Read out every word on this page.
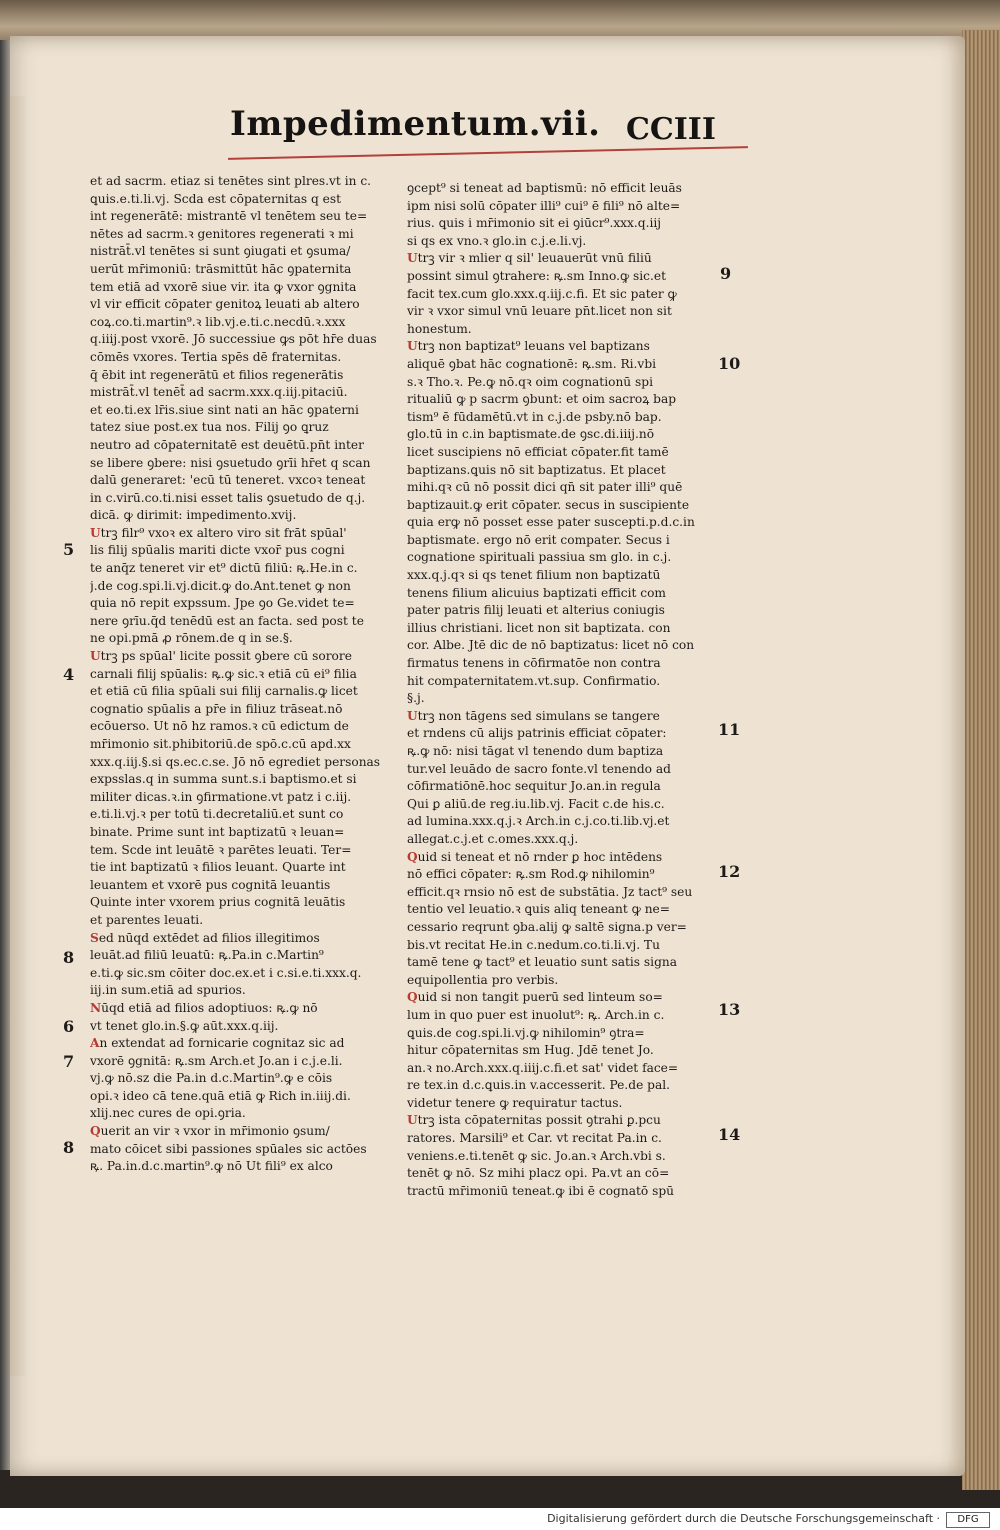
Impedimentum.vii. CCIII
et ad sacrm. etiaz si tenētes sint plres.vt in c.
ꝗuis.e.ti.li.vj. Scda est cōpaternitas q est
int regenerātē: mistrantē vl tenētem seu te=
nētes ad sacrm.ꝛ genitores regenerati ꝛ mi
nistrāt̄.vl tenētes si sunt ꝯiugati et ꝯsuma/
uerūt mr̄imoniū: trāsmittūt hāc ꝯpaternita
tem etiā ad vxorē siue vir. ita ꝙ vxor ꝯgnita
vl vir efficit cōpater genitoꝝ leuati ab altero
coꝝ.co.ti.martin⁹.ꝛ lib.vj.e.ti.c.necdū.ꝛ.xxx
q.iiij.post vxorē. Jō successiue ꝙs pōt hr̄e duas
cōmēs vxores. Tertia spēs dē fraternitas.
q̄ ēbit int regenerātū et filios regenerātis
mistrāt̄.vl tenēt̄ ad sacrm.xxx.q.iij.pitaciū.
et eo.ti.ex lr̄is.siue sint nati an hāc ꝯpaterni
tatez siue post.ex tua nos. Filij ꝯo ꝗruz
neutro ad cōpaternitatē est deuētū.pn̄t inter
se libere ꝯbere: nisi ꝯsuetudo ꝯrīi hr̄et q scan
dalū generaret: 'ecū tū teneret. vxcoꝛ teneat
in c.virū.co.ti.nisi esset talis ꝯsuetudo de q.j.
dicā. ꝙ dirimit: impedimento.xvij.
Utrꝫ filr⁹ vxoꝛ ex altero viro sit frāt spūal'
lis filij spūalis mariti dicte vxor̄ pus cogni
te anq̄z teneret vir et⁹ dictū filiū: ꝶ.He.in c.
j.de cog.spi.li.vj.dicit.ꝙ do.Ant.tenet ꝙ non
quia nō repit expssum. Jpe ꝯo Ge.videt te=
nere ꝯrīu.q̄d tenēdū est an facta. sed post te
ne opi.pmā ꝓ rōnem.de q in se.§.
Utrꝫ ps spūal' licite possit ꝯbere cū sorore
carnali filij spūalis: ꝶ.ꝙ sic.ꝛ etiā cū ei⁹ filia
et etiā cū filia spūali sui filij carnalis.ꝙ licet
cognatio spūalis a pr̄e in filiuz trāseat.nō
ecōuerso. Ut nō hz ramos.ꝛ cū edictum de
mr̄imonio sit.phibitoriū.de spō.c.cū apd.xx
xxx.q.iij.§.si qs.ec.c.se. Jō nō egrediet personas
expsslas.q in summa sunt.s.i baptismo.et si
militer dicas.ꝛ.in ꝯfirmatione.vt patz i c.iij.
e.ti.li.vj.ꝛ per totū ti.decretaliū.et sunt co
binate. Prime sunt int baptizatū ꝛ leuan=
tem. Scde int leuātē ꝛ parētes leuati. Ter=
tie int baptizatū ꝛ filios leuant. Quarte int
leuantem et vxorē pus cognitā leuantis
Quinte inter vxorem prius cognitā leuātis
et parentes leuati.
Sed nūqd extēdet ad filios illegitimos
leuāt.ad filiū leuatū: ꝶ.Pa.in c.Martin⁹
e.ti.ꝙ sic.sm cōiter doc.ex.et i c.si.e.ti.xxx.q.
iij.in sum.etiā ad spurios.
Nūqd etiā ad filios adoptiuos: ꝶ.ꝙ nō
vt tenet glo.in.§.ꝙ aūt.xxx.q.iij.
An extendat ad fornicarie cognitaz sic ad
vxorē ꝯgnitā: ꝶ.sm Arch.et Jo.an i c.j.e.li.
vj.ꝙ nō.sz die Pa.in d.c.Martin⁹.ꝙ e cōis
opi.ꝛ ideo cā tene.quā etiā ꝙ Rich in.iiij.di.
xlij.nec cures de opi.ꝯria.
Querit an vir ꝛ vxor in mr̄imonio ꝯsum/
mato cōicet sibi passiones spūales sic actōes
ꝶ. Pa.in.d.c.martin⁹.ꝙ nō Ut fili⁹ ex alco
ꝯcept⁹ si teneat ad baptismū: nō efficit leuās
ipm nisi solū cōpater illi⁹ cui⁹ ē fili⁹ nō alte=
rius. ꝗuis i mr̄imonio sit ei ꝯiūcr⁹.xxx.q.iij
si qs ex vno.ꝛ glo.in c.j.e.li.vj.
Utrꝫ vir ꝛ mlier q sil' leuauerūt vnū filiū
possint simul ꝯtrahere: ꝶ.sm Inno.ꝙ sic.et
facit tex.cum glo.xxx.q.iij.c.fi. Et sic pater ꝙ
vir ꝛ vxor simul vnū leuare pn̄t.licet non sit
honestum.
Utrꝫ non baptizat⁹ leuans vel baptizans
aliquē ꝯbat hāc cognationē: ꝶ.sm. Ri.vbi
s.ꝛ Tho.ꝛ. Pe.ꝙ nō.qꝛ oim cognationū spi
ritualiū ꝙ p sacrm ꝯbunt: et oim sacroꝝ bap
tism⁹ ē fūdamētū.vt in c.j.de psby.nō bap.
glo.tū in c.in baptismate.de ꝯsc.di.iiij.nō
licet suscipiens nō efficiat cōpater.fit tamē
baptizans.ꝗuis nō sit baptizatus. Et placet
mihi.qꝛ cū nō possit dici qn̄ sit pater illi⁹ quē
baptizauit.ꝙ erit cōpater. secus in suscipiente
quia erꝙ nō posset esse pater suscepti.p.d.c.in
baptismate. ergo nō erit compater. Secus i
cognatione spirituali passiua sm glo. in c.j.
xxx.q.j.qꝛ si qs tenet filium non baptizatū
tenens filium alicuius baptizati efficit com
pater patris filij leuati et alterius coniugis
illius christiani. licet non sit baptizata. con
cor. Albe. Jtē dic de nō baptizatus: licet nō con
firmatus tenens in cōfirmatōe non contra
hit compaternitatem.vt.sup. Confirmatio.
§.j.
Utrꝫ non tāgens sed simulans se tangere
et rndens cū alijs patrinis efficiat cōpater:
ꝶ.ꝙ nō: nisi tāgat vl tenendo dum baptiza
tur.vel leuādo de sacro fonte.vl tenendo ad
cōfirmatiōnē.hoc sequitur Jo.an.in regula
Qui ꝑ aliū.de reg.iu.lib.vj. Facit c.de his.c.
ad lumina.xxx.q.j.ꝛ Arch.in c.j.co.ti.lib.vj.et
allegat.c.j.et c.omes.xxx.q.j.
Quid si teneat et nō rnder ꝑ hoc intēdens
nō effici cōpater: ꝶ.sm Rod.ꝙ nihilomin⁹
efficit.qꝛ rnsio nō est de substātia. Jz tact⁹ seu
tentio vel leuatio.ꝛ ꝗuis aliq teneant ꝙ ne=
cessario reqrunt ꝯba.alij ꝙ saltē signa.p ver=
bis.vt recitat He.in c.nedum.co.ti.li.vj. Tu
tamē tene ꝙ tact⁹ et leuatio sunt satis signa
equipollentia pro verbis.
Quid si non tangit puerū sed linteum so=
lum in quo puer est inuolut⁹: ꝶ. Arch.in c.
ꝗuis.de cog.spi.li.vj.ꝙ nihilomin⁹ ꝯtra=
hitur cōpaternitas sm Hug. Jdē tenet Jo.
an.ꝛ no.Arch.xxx.q.iiij.c.fi.et sat' videt face=
re tex.in d.c.ꝗuis.in v.accesserit. Pe.de pal.
videtur tenere ꝙ requiratur tactus.
Utrꝫ ista cōpaternitas possit ꝯtrahi ꝑ.pcu
ratores. Marsili⁹ et Car. vt recitat Pa.in c.
veniens.e.ti.tenēt ꝙ sic. Jo.an.ꝛ Arch.vbi s.
tenēt ꝙ nō. Sz mihi placz opi. Pa.vt an cō=
tractū mr̄imoniū teneat.ꝙ ibi ē cognatō spū
5
4
8
6
7
8
9
10
11
12
13
14
Digitalisierung gefördert durch die Deutsche Forschungsgemeinschaft ·	DFG
